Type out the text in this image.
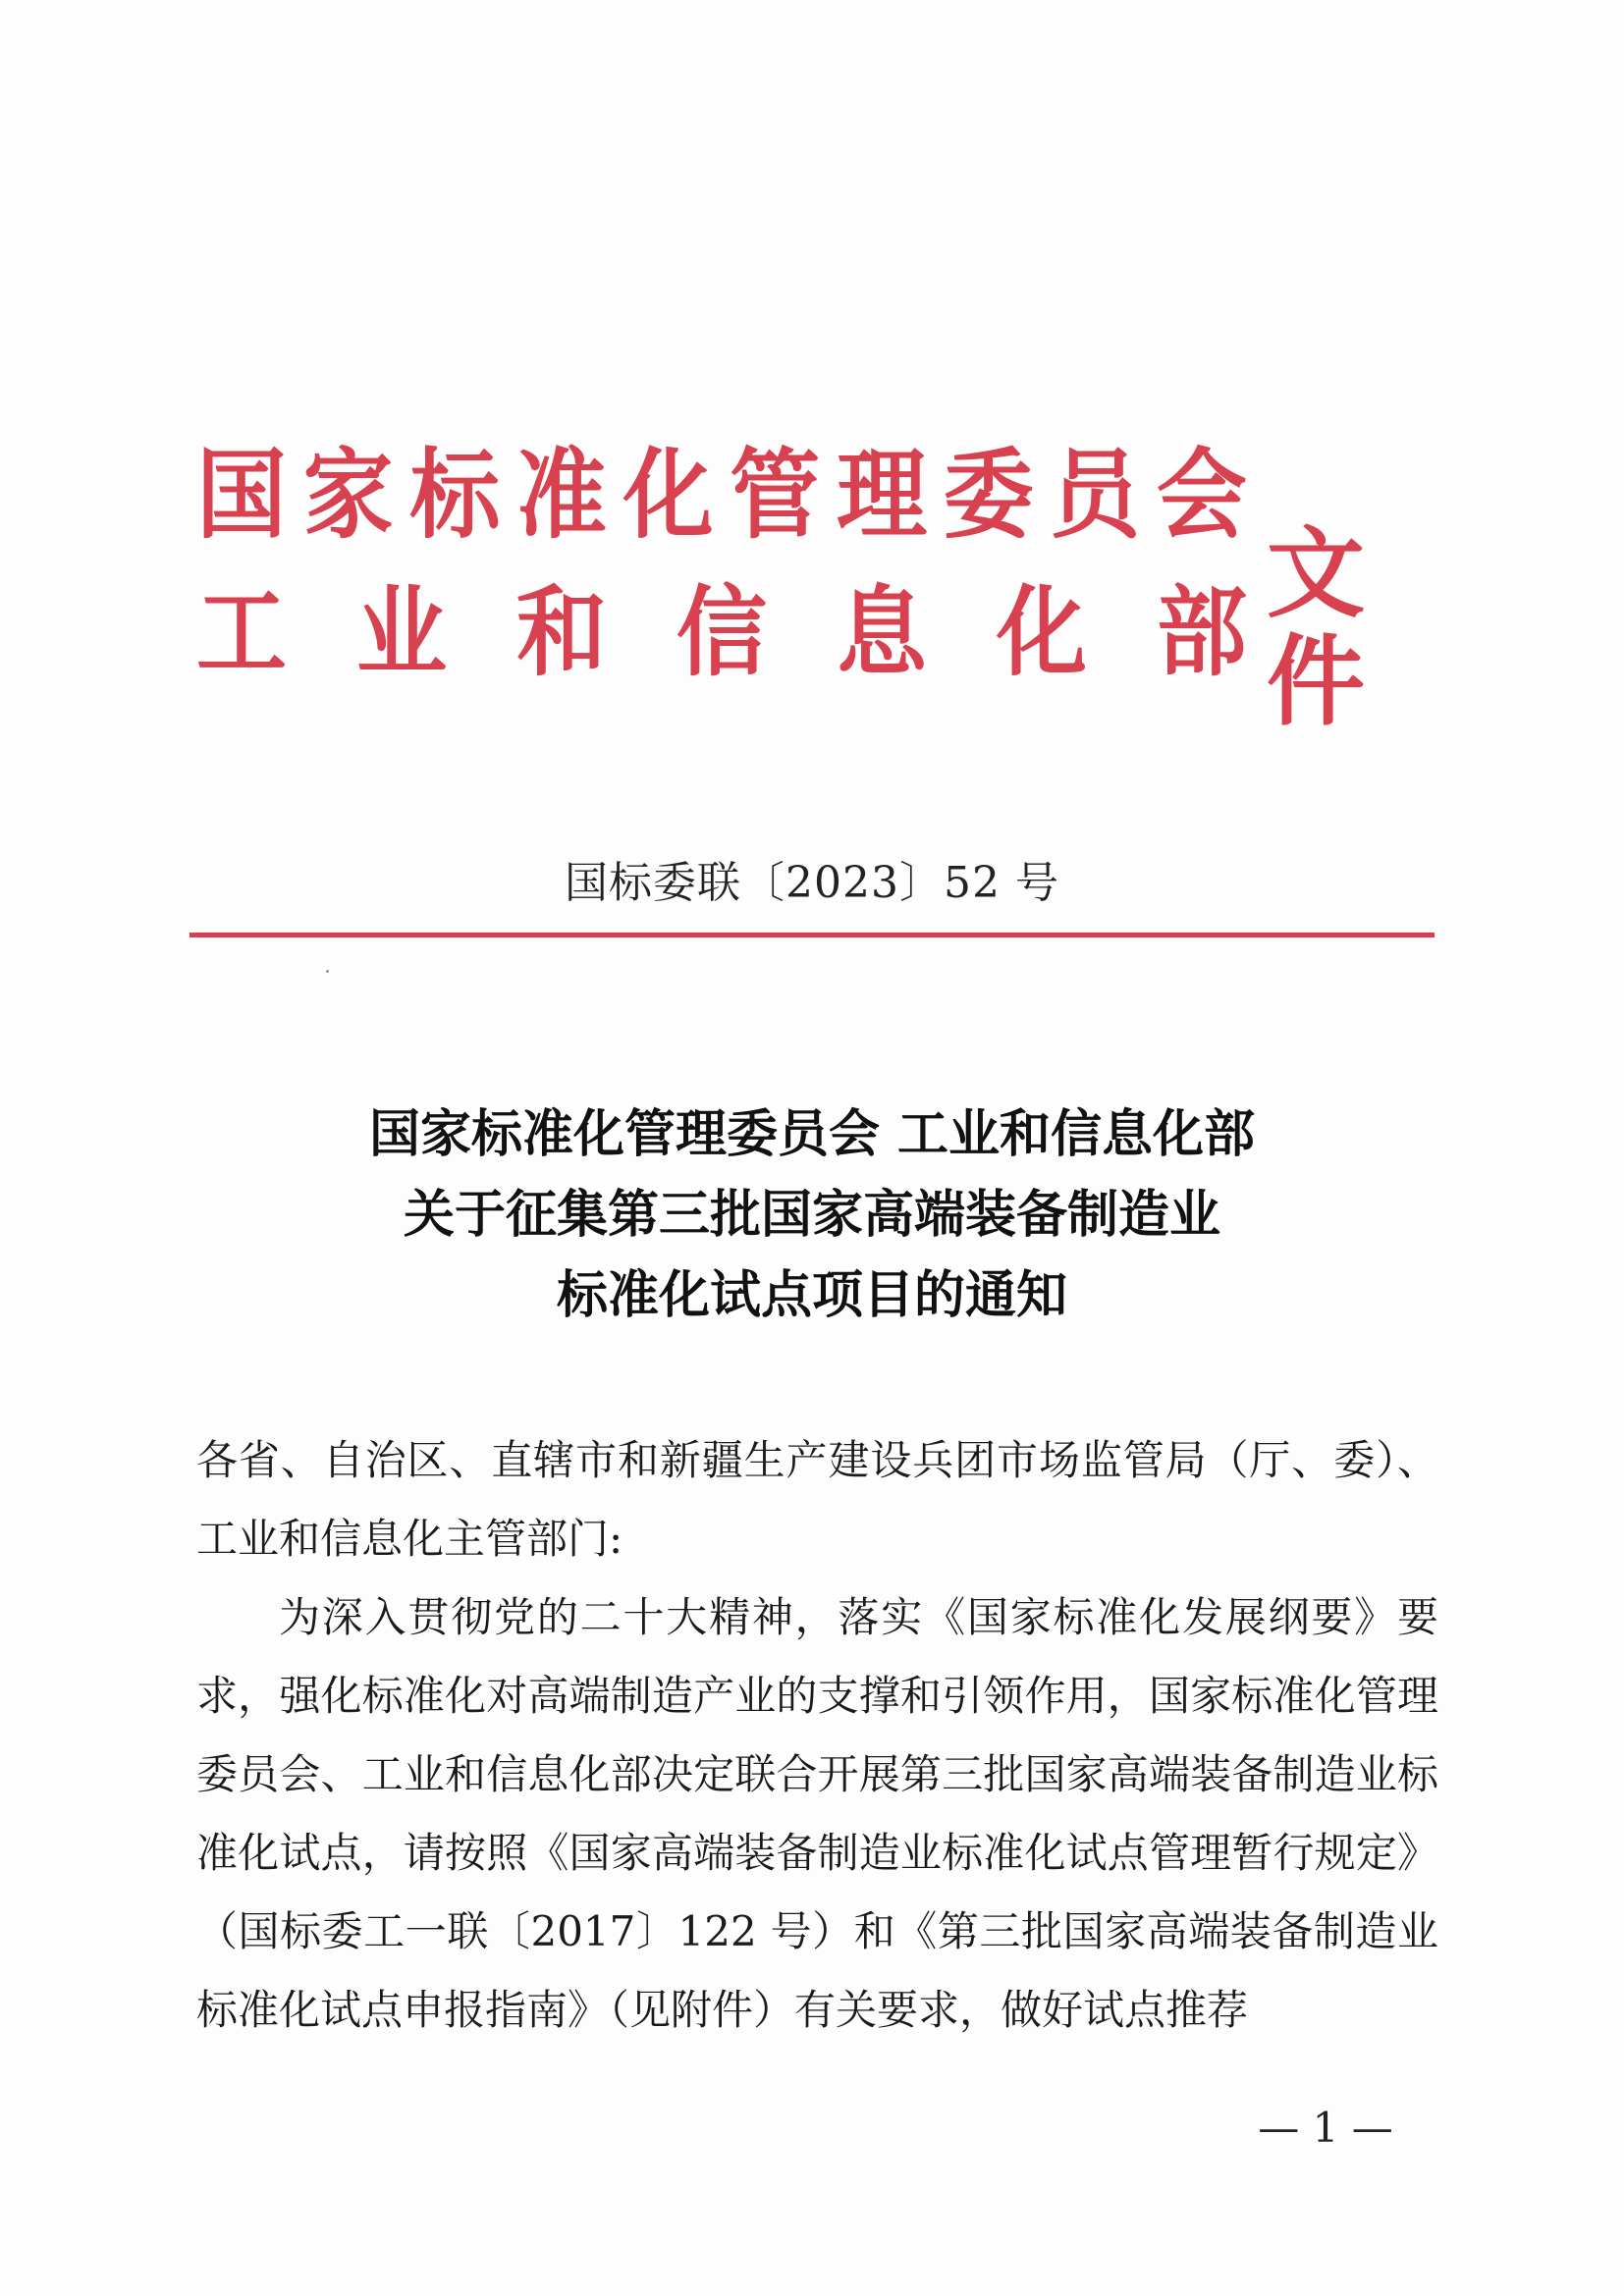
国 家 标 准 化 管 理 委 员 会
工 业 和 信 息 化 部
文件
国标委联〔2023〕52 号
国家标准化管理委员会 工业和信息化部
关于征集第三批国家高端装备制造业
标准化试点项目的通知

各省、自治区、直辖市和新疆生产建设兵团市场监管局（厅、委）、工业和信息化主管部门:

为深入贯彻党的二十大精神，落实《国家标准化发展纲要》要求，强化标准化对高端制造产业的支撑和引领作用，国家标准化管理委员会、工业和信息化部决定联合开展第三批国家高端装备制造业标准化试点，请按照《国家高端装备制造业标准化试点管理暂行规定》（国标委工一联〔2017〕122 号）和《第三批国家高端装备制造业标准化试点申报指南》（见附件）有关要求，做好试点推荐

— 1 —
